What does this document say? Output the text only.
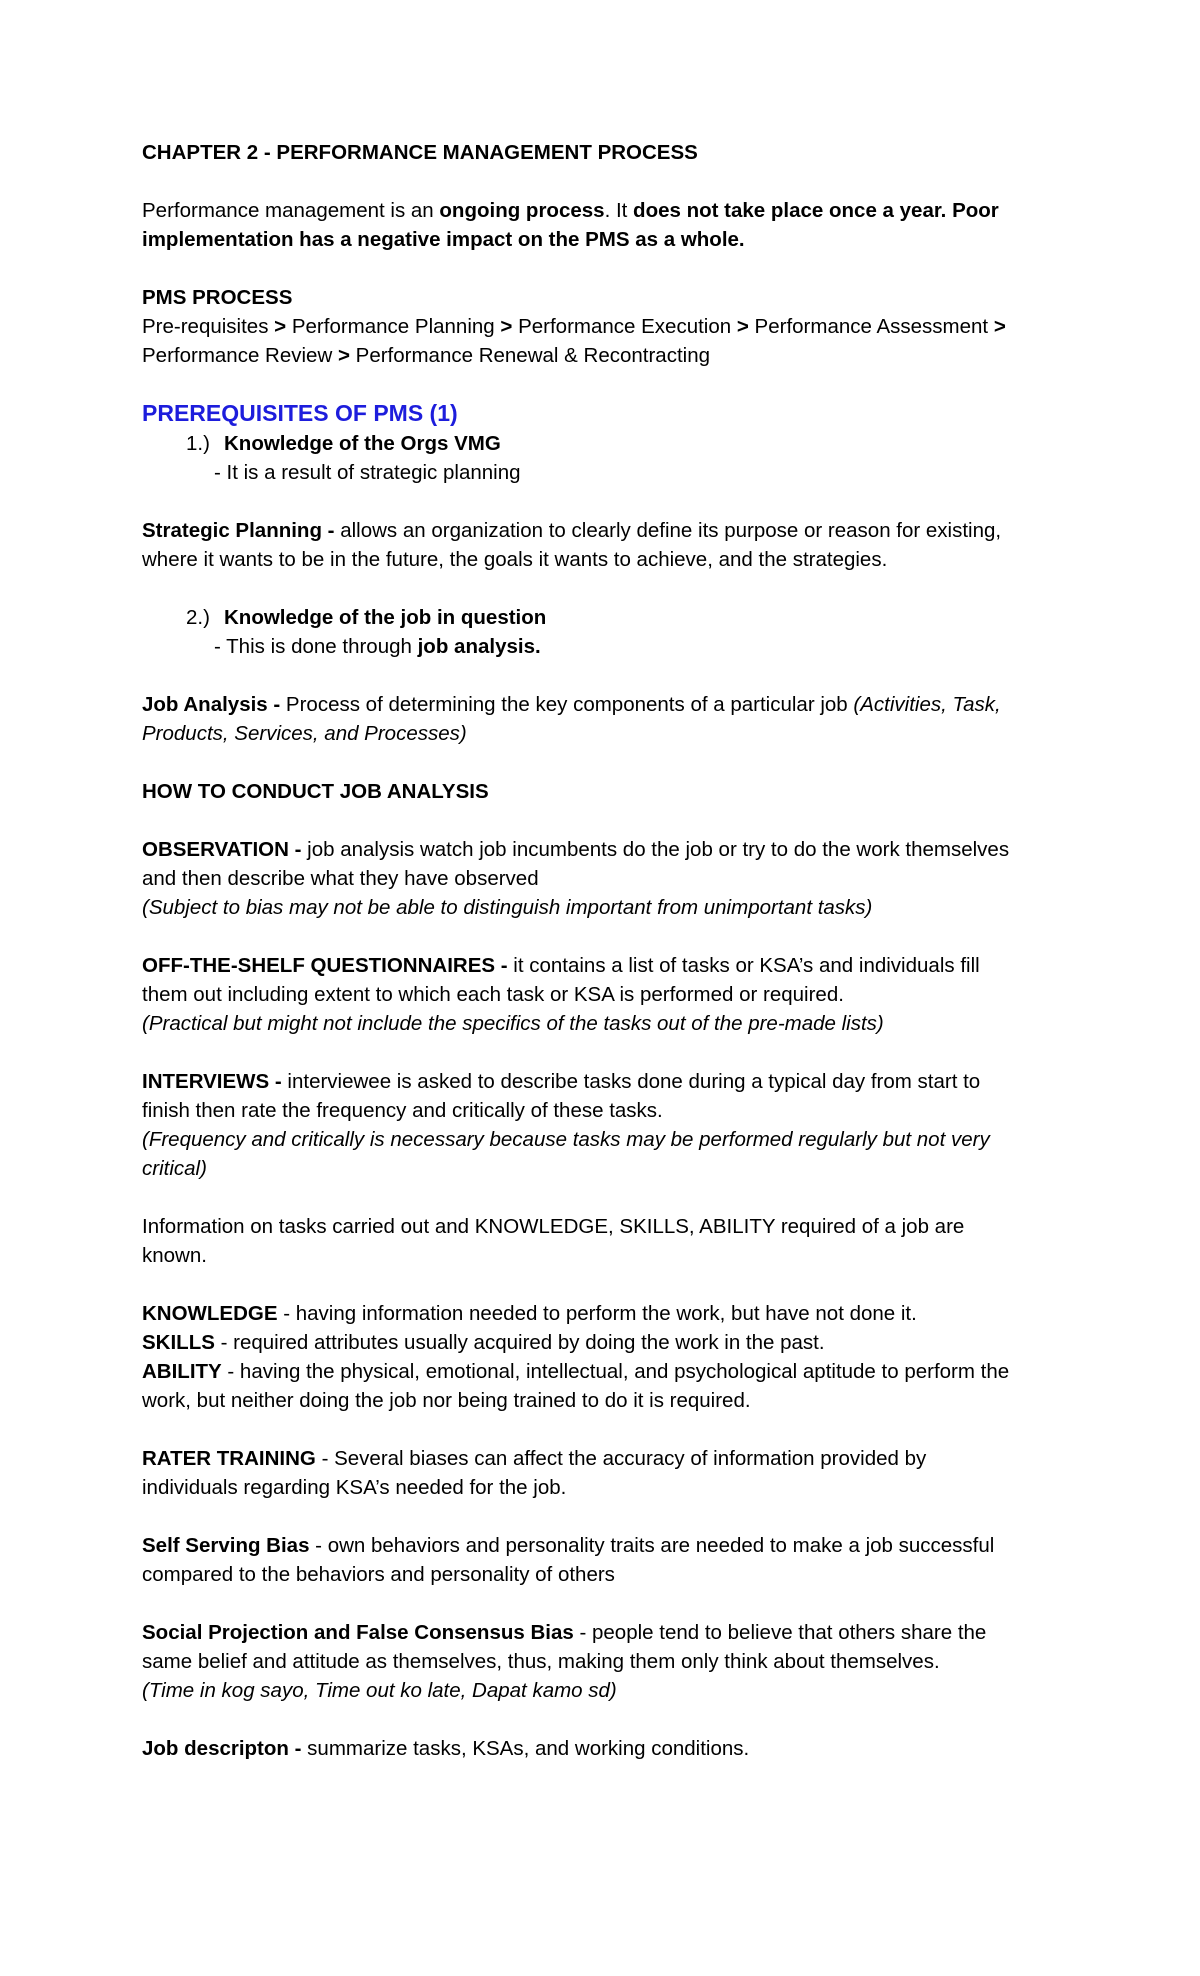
CHAPTER 2 - PERFORMANCE MANAGEMENT PROCESS

Performance management is an ongoing process. It does not take place once a year. Poor

implementation has a negative impact on the PMS as a whole.

PMS PROCESS

Pre-requisites > Performance Planning > Performance Execution > Performance Assessment >

Performance Review > Performance Renewal & Recontracting

PREREQUISITES OF PMS (1)

1.) Knowledge of the Orgs VMG

- It is a result of strategic planning

Strategic Planning - allows an organization to clearly define its purpose or reason for existing,

where it wants to be in the future, the goals it wants to achieve, and the strategies.

2.) Knowledge of the job in question

- This is done through job analysis.

Job Analysis - Process of determining the key components of a particular job (Activities, Task,

Products, Services, and Processes)

HOW TO CONDUCT JOB ANALYSIS

OBSERVATION - job analysis watch job incumbents do the job or try to do the work themselves

and then describe what they have observed

(Subject to bias may not be able to distinguish important from unimportant tasks)

OFF-THE-SHELF QUESTIONNAIRES - it contains a list of tasks or KSA’s and individuals fill

them out including extent to which each task or KSA is performed or required.

(Practical but might not include the specifics of the tasks out of the pre-made lists)

INTERVIEWS - interviewee is asked to describe tasks done during a typical day from start to

finish then rate the frequency and critically of these tasks.

(Frequency and critically is necessary because tasks may be performed regularly but not very

critical)

Information on tasks carried out and KNOWLEDGE, SKILLS, ABILITY required of a job are

known.

KNOWLEDGE - having information needed to perform the work, but have not done it.

SKILLS - required attributes usually acquired by doing the work in the past.

ABILITY - having the physical, emotional, intellectual, and psychological aptitude to perform the

work, but neither doing the job nor being trained to do it is required.

RATER TRAINING - Several biases can affect the accuracy of information provided by

individuals regarding KSA’s needed for the job.

Self Serving Bias - own behaviors and personality traits are needed to make a job successful

compared to the behaviors and personality of others

Social Projection and False Consensus Bias - people tend to believe that others share the

same belief and attitude as themselves, thus, making them only think about themselves.

(Time in kog sayo, Time out ko late, Dapat kamo sd)

Job descripton - summarize tasks, KSAs, and working conditions.
